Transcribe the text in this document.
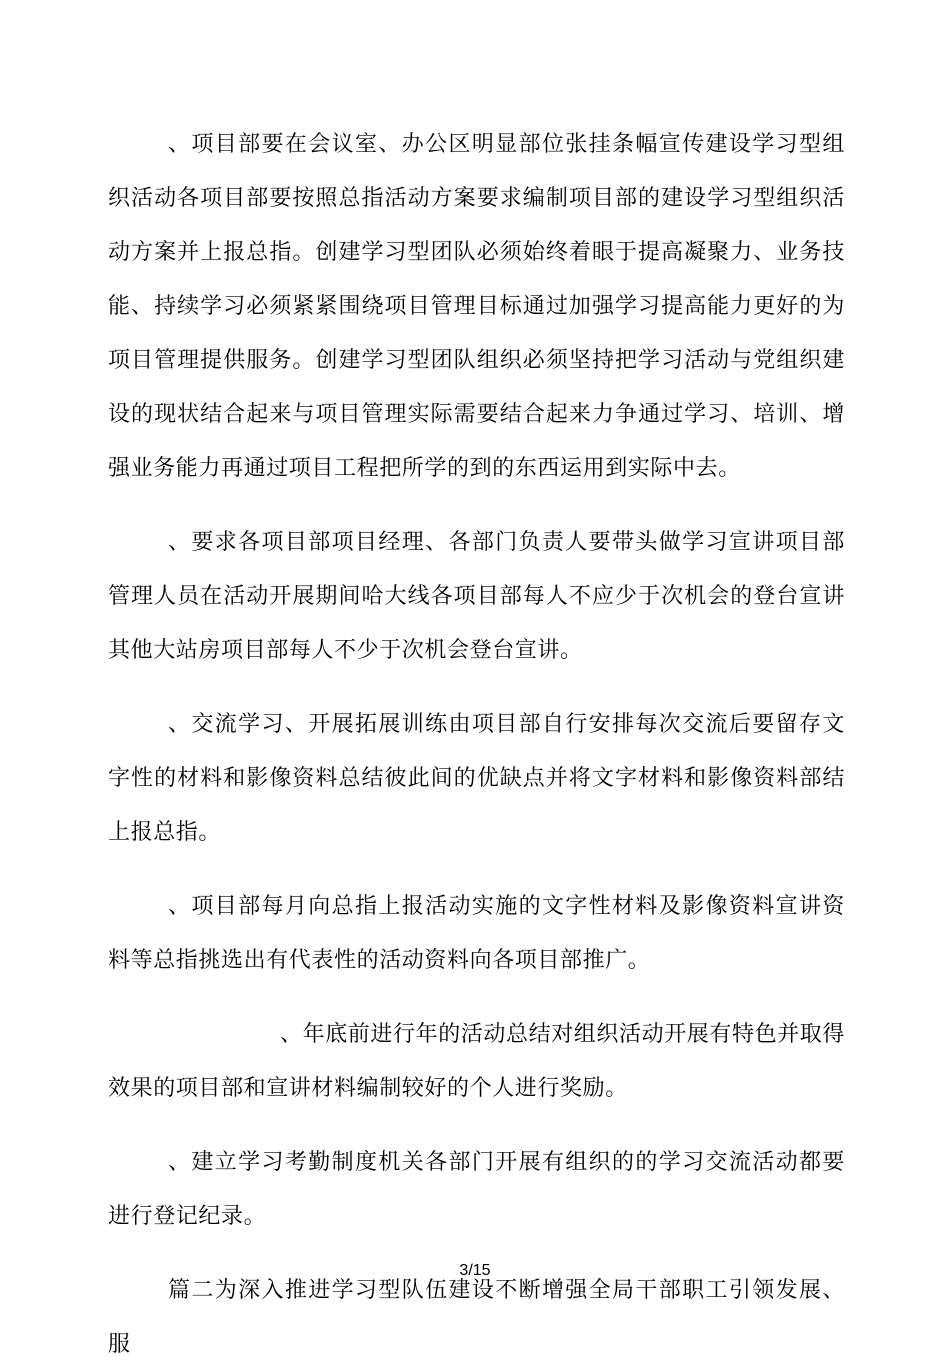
、项目部要在会议室、办公区明显部位张挂条幅宣传建设学习型组织活动各项目部要按照总指活动方案要求编制项目部的建设学习型组织活动方案并上报总指。创建学习型团队必须始终着眼于提高凝聚力、业务技能、持续学习必须紧紧围绕项目管理目标通过加强学习提高能力更好的为项目管理提供服务。创建学习型团队组织必须坚持把学习活动与党组织建设的现状结合起来与项目管理实际需要结合起来力争通过学习、培训、增强业务能力再通过项目工程把所学的到的东西运用到实际中去。

、要求各项目部项目经理、各部门负责人要带头做学习宣讲项目部管理人员在活动开展期间哈大线各项目部每人不应少于次机会的登台宣讲其他大站房项目部每人不少于次机会登台宣讲。

、交流学习、开展拓展训练由项目部自行安排每次交流后要留存文字性的材料和影像资料总结彼此间的优缺点并将文字材料和影像资料部结上报总指。

、项目部每月向总指上报活动实施的文字性材料及影像资料宣讲资料等总指挑选出有代表性的活动资料向各项目部推广。

、年底前进行年的活动总结对组织活动开展有特色并取得效果的项目部和宣讲材料编制较好的个人进行奖励。

、建立学习考勤制度机关各部门开展有组织的的学习交流活动都要进行登记纪录。

篇二为深入推进学习型队伍建设不断增强全局干部职工引领发展、服

3/15
